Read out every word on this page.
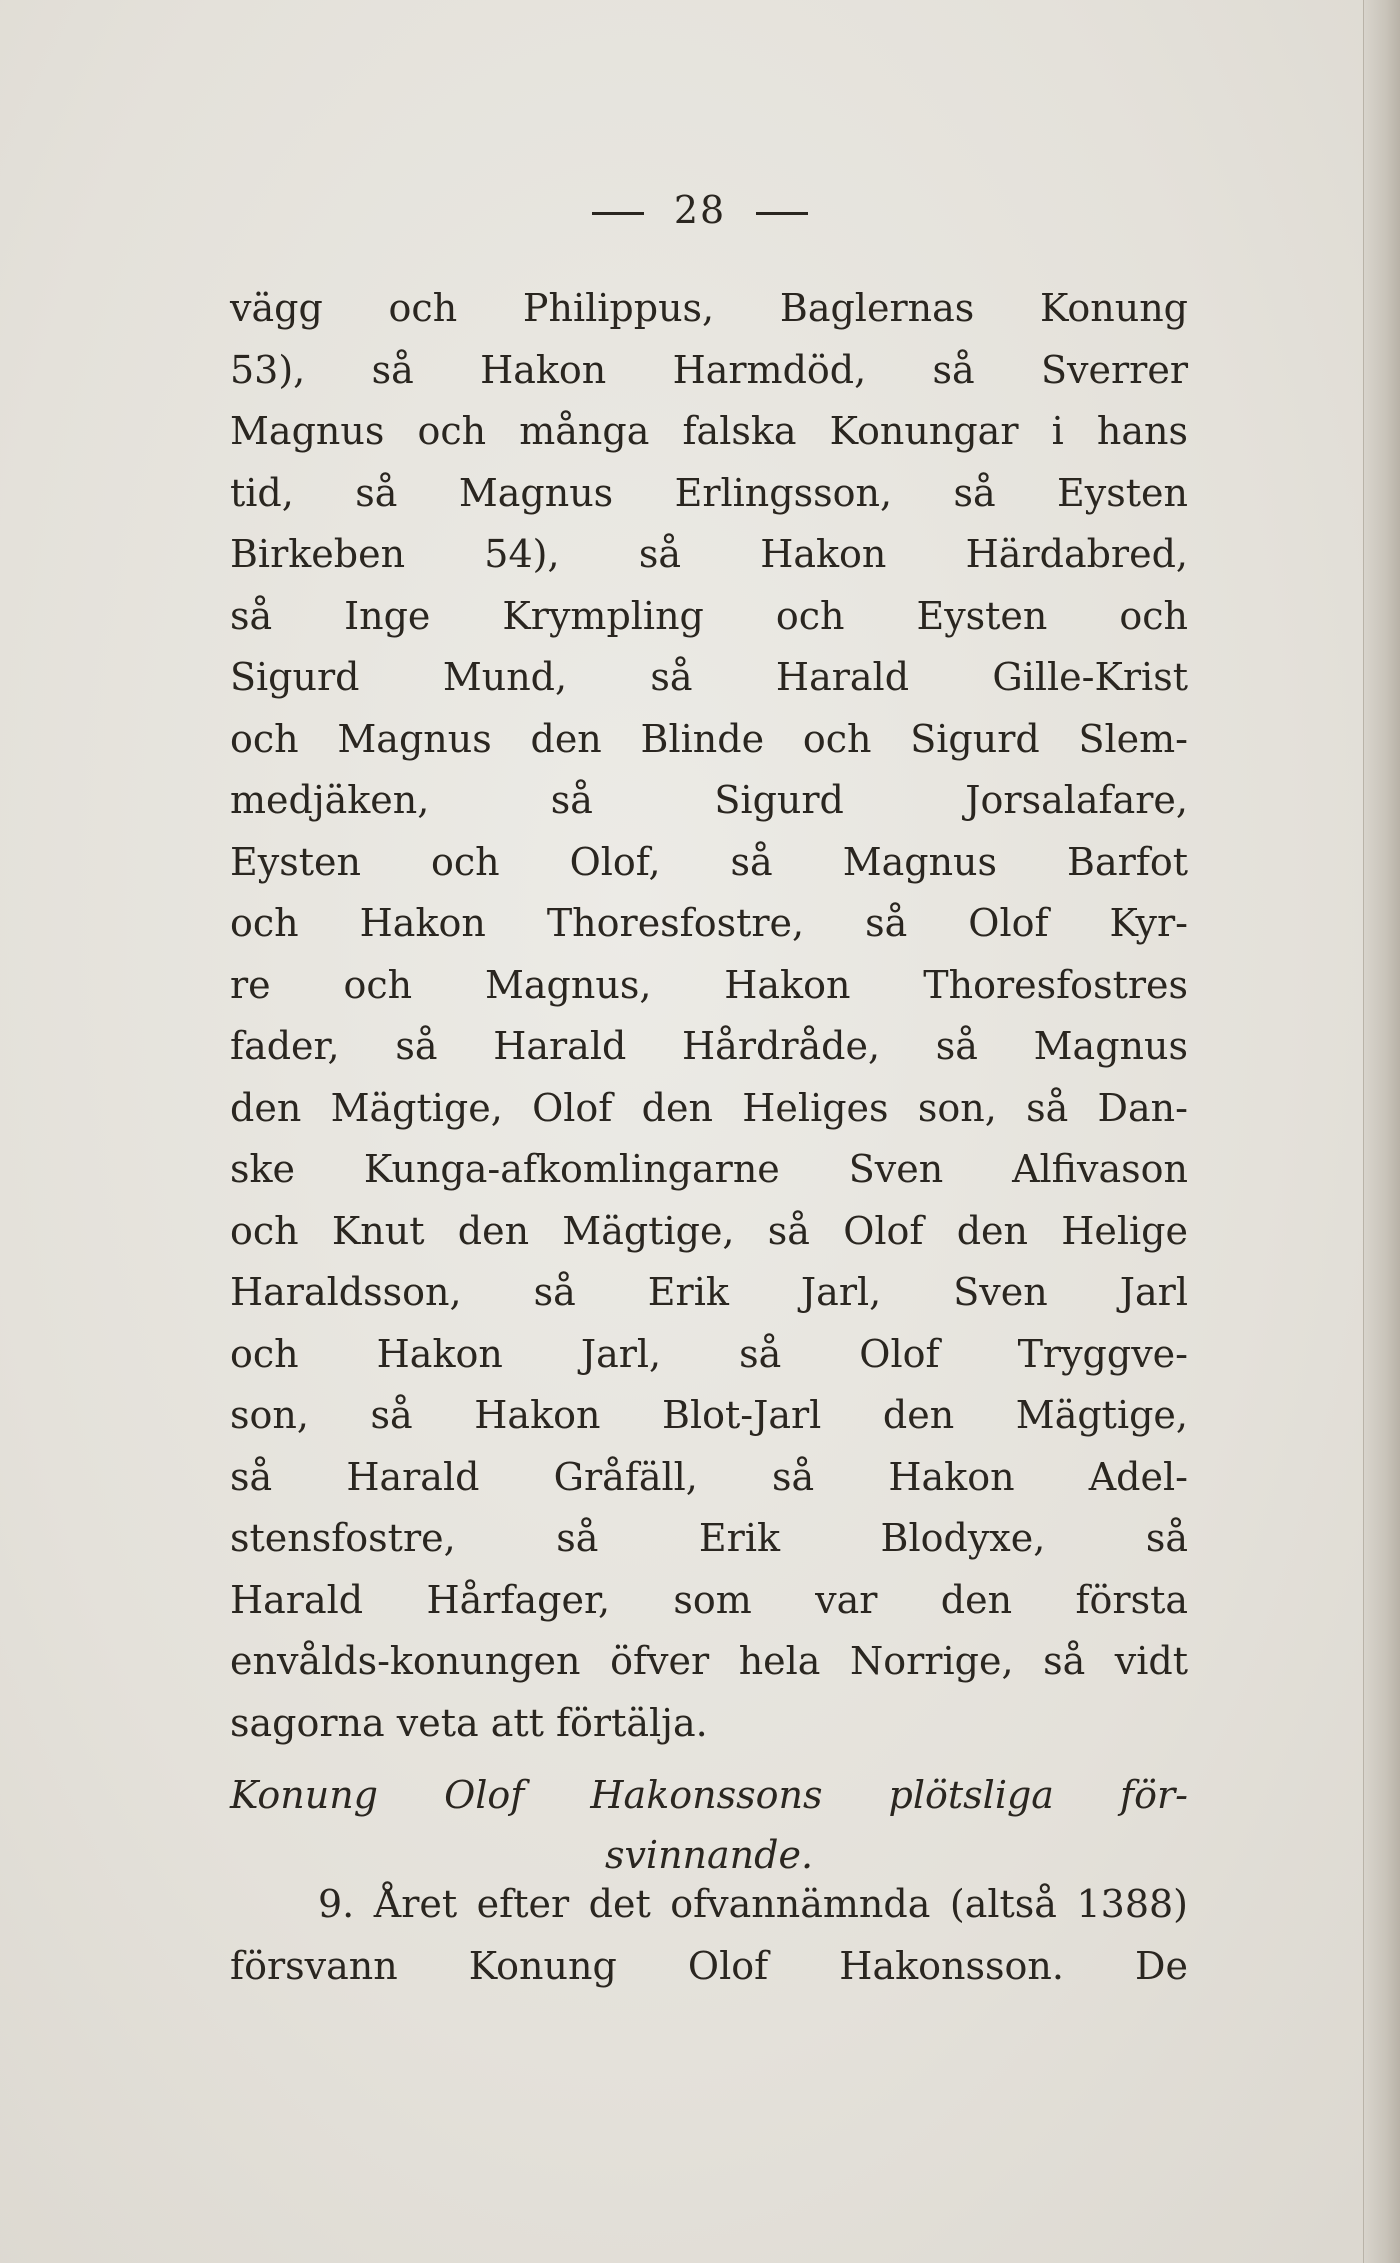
28
vägg och Philippus, Baglernas Konung
53), så Hakon Harmdöd, så Sverrer
Magnus och många falska Konungar i hans
tid, så Magnus Erlingsson, så Eysten
Birkeben 54), så Hakon Härdabred,
så Inge Krympling och Eysten och
Sigurd Mund, så Harald Gille-Krist
och Magnus den Blinde och Sigurd Slem-
medjäken, så Sigurd Jorsalafare,
Eysten och Olof, så Magnus Barfot
och Hakon Thoresfostre, så Olof Kyr-
re och Magnus, Hakon Thoresfostres
fader, så Harald Hårdråde, så Magnus
den Mägtige, Olof den Heliges son, så Dan-
ske Kunga-afkomlingarne Sven Alfivason
och Knut den Mägtige, så Olof den Helige
Haraldsson, så Erik Jarl, Sven Jarl
och Hakon Jarl, så Olof Tryggve-
son, så Hakon Blot-Jarl den Mägtige,
så Harald Gråfäll, så Hakon Adel-
stensfostre, så Erik Blodyxe, så
Harald Hårfager, som var den första
envålds-konungen öfver hela Norrige, så vidt
sagorna veta att förtälja.
Konung Olof Hakonssons plötsliga för-
svinnande.
9. Året efter det ofvannämnda (altså 1388)
försvann Konung Olof Hakonsson. De
